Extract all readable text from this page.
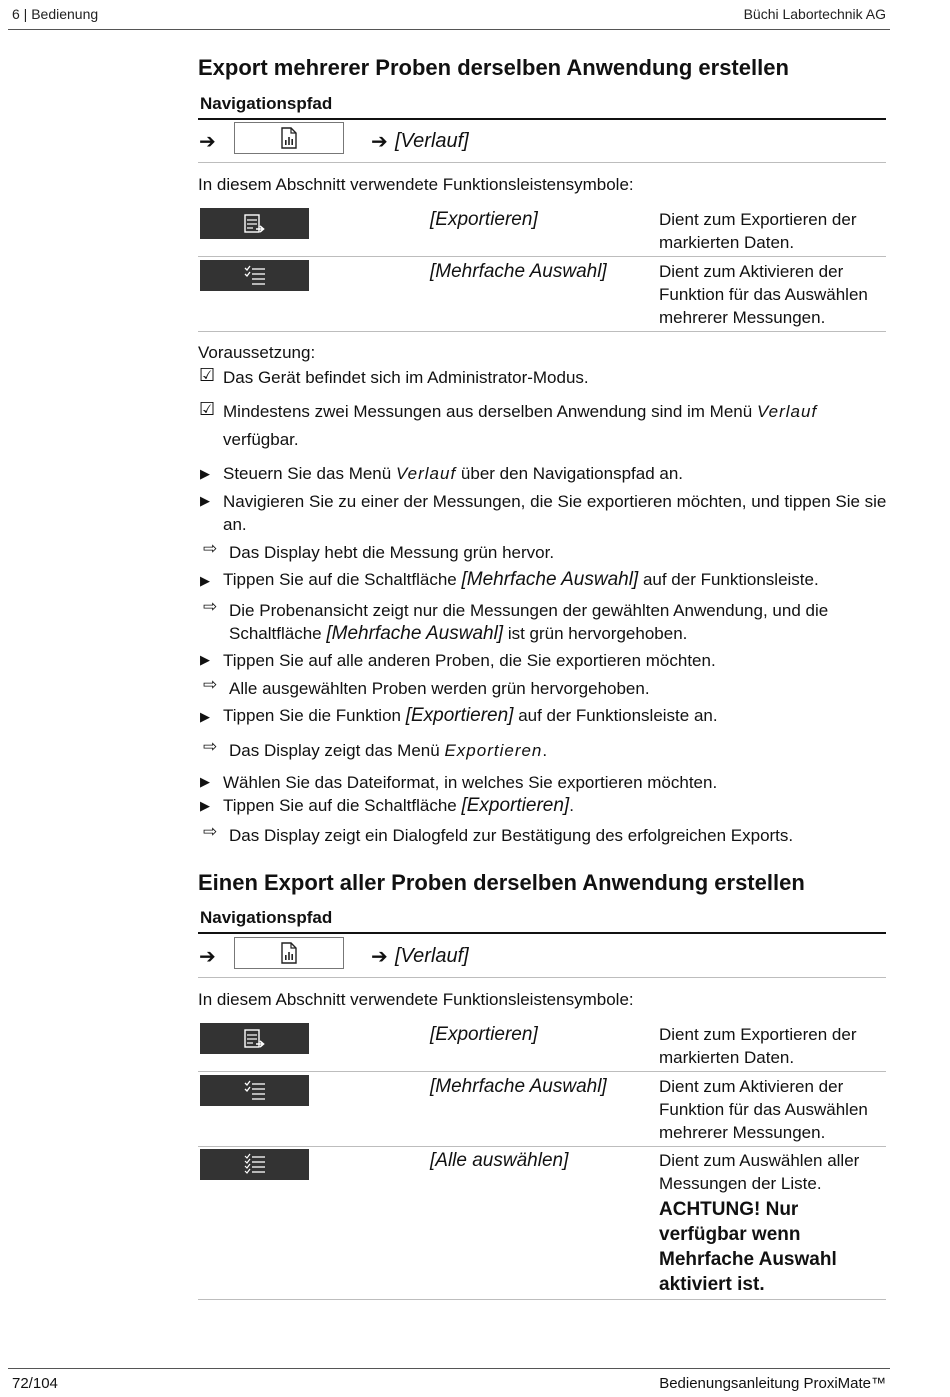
6 | Bedienung	Büchi Labortechnik AG
Export mehrerer Proben derselben Anwendung erstellen
Navigationspfad
➔	➔ [Verlauf]
In diesem Abschnitt verwendete Funktionsleistensymbole:
[Exportieren]	Dient zum Exportieren der markierten Daten.
[Mehrfache Auswahl]	Dient zum Aktivieren der Funktion für das Auswählen mehrerer Messungen.
Voraussetzung:
☑ Das Gerät befindet sich im Administrator-Modus.
☑ Mindestens zwei Messungen aus derselben Anwendung sind im Menü Verlauf
verfügbar.
▶ Steuern Sie das Menü Verlauf über den Navigationspfad an.
▶ Navigieren Sie zu einer der Messungen, die Sie exportieren möchten, und tippen Sie sie an.
⇨ Das Display hebt die Messung grün hervor.
▶ Tippen Sie auf die Schaltfläche [Mehrfache Auswahl] auf der Funktionsleiste.
⇨ Die Probenansicht zeigt nur die Messungen der gewählten Anwendung, und die Schaltfläche [Mehrfache Auswahl] ist grün hervorgehoben.
▶ Tippen Sie auf alle anderen Proben, die Sie exportieren möchten.
⇨ Alle ausgewählten Proben werden grün hervorgehoben.
▶ Tippen Sie die Funktion [Exportieren] auf der Funktionsleiste an.
⇨ Das Display zeigt das Menü Exportieren.
▶ Wählen Sie das Dateiformat, in welches Sie exportieren möchten.
▶ Tippen Sie auf die Schaltfläche [Exportieren].
⇨ Das Display zeigt ein Dialogfeld zur Bestätigung des erfolgreichen Exports.
Einen Export aller Proben derselben Anwendung erstellen
Navigationspfad
➔	➔ [Verlauf]
In diesem Abschnitt verwendete Funktionsleistensymbole:
[Exportieren]	Dient zum Exportieren der markierten Daten.
[Mehrfache Auswahl]	Dient zum Aktivieren der Funktion für das Auswählen mehrerer Messungen.
[Alle auswählen]	Dient zum Auswählen aller Messungen der Liste.
ACHTUNG! Nur verfügbar wenn Mehrfache Auswahl aktiviert ist.
72/104	Bedienungsanleitung ProxiMate™
